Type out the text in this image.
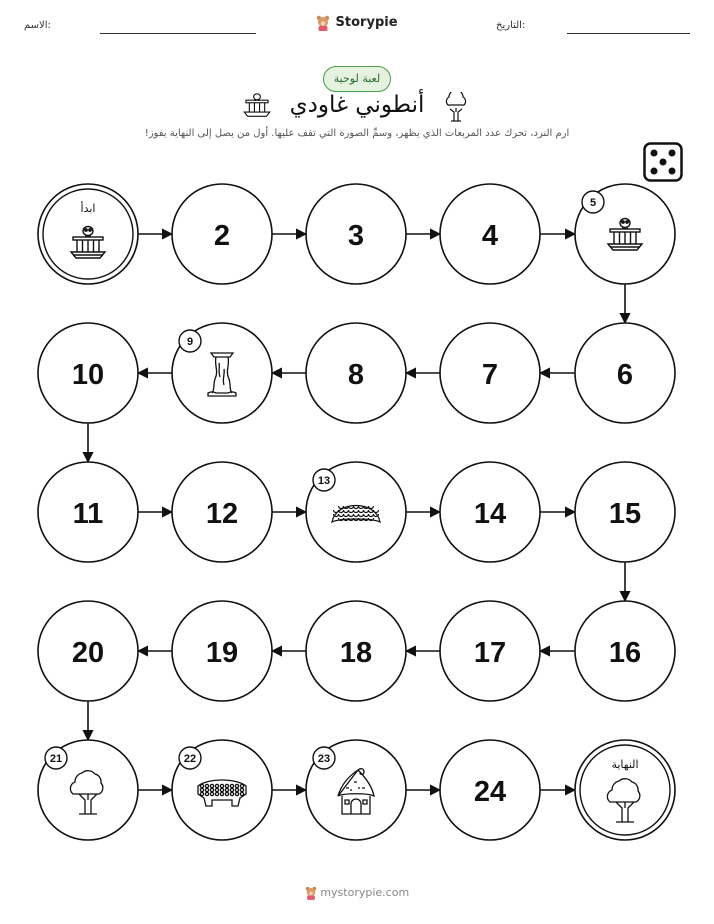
الاسم:	Storypie	التاريخ:
لعبة لوحية
أنطوني غاودي
ارم النرد، تحرك عدد المربعات الذي يظهر، وسمِّ الصورة التي تقف عليها. أول من يصل إلى النهاية يفوز!
ابدأ
2	3	4
5
6
7
8
9
10
11	12
13
14	15
16
17
18
19
20
21	22	23
24
النهاية
mystorypie.com
